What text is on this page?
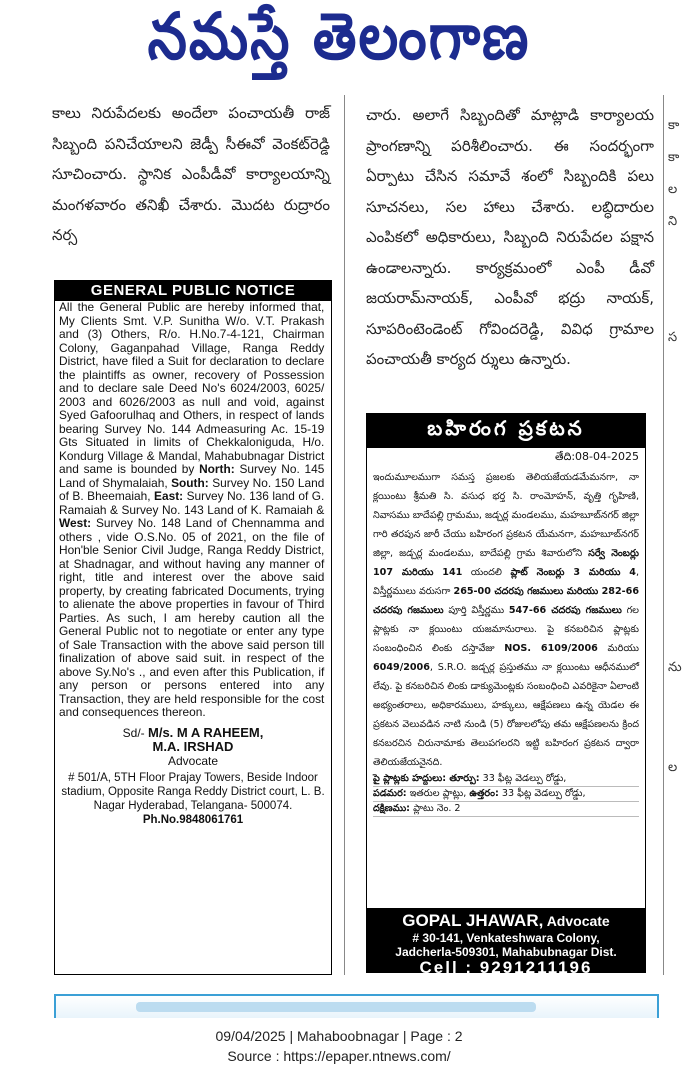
నమస్తే తెలంగాణ
కాలు నిరుపేదలకు అందేలా పంచాయతీ రాజ్ సిబ్బంది పనిచేయాలని జెడ్పీ సీఈవో వెంకట్‌రెడ్డి సూచించారు. స్థానిక ఎంపీడీవో కార్యాలయాన్ని మంగళవారం తనిఖీ చేశారు. మొదట రుద్రారం నర్స
చారు. అలాగే సిబ్బందితో మాట్లాడి కార్యాలయ ప్రాంగణాన్ని పరిశీలించారు. ఈ సందర్భంగా ఏర్పాటు చేసిన సమావే శంలో సిబ్బందికి పలు సూచనలు, సల హాలు చేశారు. లబ్ధిదారుల ఎంపికలో అధికారులు, సిబ్బంది నిరుపేదల పక్షాన ఉండాలన్నారు. కార్యక్రమంలో ఎంపీ డీవో జయరామ్‌నాయక్, ఎంపీవో భద్రు నాయక్, సూపరింటెండెంట్ గోవిందరెడ్డి, వివిధ గ్రామాల పంచాయతీ కార్యద ర్శులు ఉన్నారు.
కా
కా
ల
ని
స
ను
ల
GENERAL PUBLIC NOTICE
All the General Public are hereby informed that, My Clients Smt. V.P. Sunitha W/o. V.T. Prakash and (3) Others, R/o. H.No.7-4-121, Chairman Colony, Gaganpahad Village, Ranga Reddy District, have filed a Suit for declaration to declare the plaintiffs as owner, recovery of Possession and to declare sale Deed No's 6024/2003, 6025/ 2003 and 6026/2003 as null and void, against Syed Gafoorulhaq and Others, in respect of lands bearing Survey No. 144 Admeasuring Ac. 15-19 Gts Situated in limits of Chekkaloniguda, H/o. Kondurg Village & Mandal, Mahabubnagar District and same is bounded by North: Survey No. 145 Land of Shymalaiah, South: Survey No. 150 Land of B. Bheemaiah, East: Survey No. 136 land of G. Ramaiah & Survey No. 143 Land of K. Ramaiah & West: Survey No. 148 Land of Chennamma and others , vide O.S.No. 05 of 2021, on the file of Hon'ble Senior Civil Judge, Ranga Reddy District, at Shadnagar, and without having any manner of right, title and interest over the above said property, by creating fabricated Documents, trying to alienate the above properties in favour of Third Parties. As such, I am hereby caution all the General Public not to negotiate or enter any type of Sale Transaction with the above said person till finalization of above said suit. in respect of the above Sy.No's ., and even after this Publication, if any person or persons entered into any Transaction, they are held responsible for the cost and consequences thereon.
Sd/- M/s. M A RAHEEM,
M.A. IRSHAD
Advocate
# 501/A, 5TH Floor Prajay Towers, Beside Indoor stadium, Opposite Ranga Reddy District court, L. B. Nagar Hyderabad, Telangana- 500074. Ph.No.9848061761
బహిరంగ ప్రకటన
తేది:08-04-2025
ఇందుమూలముగా సమస్త ప్రజలకు తెలియజేయడమేమనగా, నా క్లయింటు శ్రీమతి సి. వసుధ భర్త సి. రాంమోహన్, వృత్తి గృహిణి, నివాసము బాదేపల్లి గ్రామము, జడ్చర్ల మండలము, మహబూబ్‌నగర్ జిల్లా గారి తరపున జారీ చేయు బహిరంగ ప్రకటన యేమనగా, మహబూబ్‌నగర్ జిల్లా, జడ్చర్ల మండలము, బాదేపల్లి గ్రామ శివారులోని సర్వే నెంబర్లు 107 మరియు 141 యందలి ప్లాట్ నెంబర్లు 3 మరియు 4, విస్తీర్ణములు వరుసగా 265-00 చదరపు గజములు మరియు 282-66 చదరపు గజములు పూర్తి విస్తీర్ణము 547-66 చదరపు గజములు గల ప్లాట్లకు నా క్లయింటు యజమానురాలు. పై కనబరిచిన ప్లాట్లకు సంబంధించిన లింకు దస్తావేజు NOS. 6109/2006 మరియు 6049/2006, S.R.O. జడ్చర్ల ప్రస్తుతము నా క్లయింటు ఆధీనములో లేవు. పై కనబరిచిన లింకు డాక్యుమెంట్లకు సంబంధించి ఎవరికైనా ఏలాంటి అభ్యంతరాలు, అధికారములు, హక్కులు, ఆక్షేపణలు ఉన్న యెడల ఈ ప్రకటన వెలువడిన నాటి నుండి (5) రోజులలోపు తమ ఆక్షేపణలను క్రింద కనబరచిన చిరునామాకు తెలుపగలరని ఇట్టి బహిరంగ ప్రకటన ద్వారా తెలియజేయనైనది.
పై ప్లాట్లకు హద్దులు: తూర్పు: 33 ఫీట్ల వెడల్పు రోడ్డు,
పడమర: ఇతరుల ప్లాట్లు, ఉత్తరం: 33 ఫీట్ల వెడల్పు రోడ్డు,
దక్షిణము: ప్లాటు నెం. 2
GOPAL JHAWAR, Advocate
# 30-141, Venkateshwara Colony,
Jadcherla-509301, Mahabubnagar Dist.
Cell : 9291211196
09/04/2025 | Mahaboobnagar | Page : 2
Source : https://epaper.ntnews.com/
